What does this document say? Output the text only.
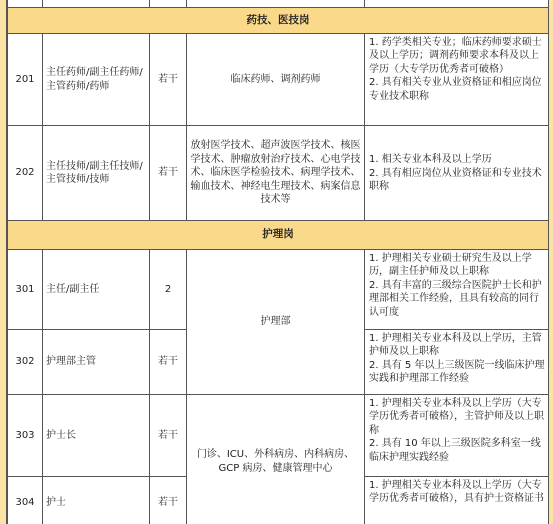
药技、医技岗				
201	主任药师/副主任药师/主管药师/药师	若干	临床药师、调剂药师	1. 药学类相关专业；临床药师要求硕士及以上学历；调剂药师要求本科及以上学历（大专学历优秀者可破格）

2. 具有相关专业从业资格证和相应岗位专业技术职称

202	主任技师/副主任技师/主管技师/技师	若干	放射医学技术、超声波医学技术、核医学技术、肿瘤放射治疗技术、心电学技术、临床医学检验技术、病理学技术、输血技术、神经电生理技术、病案信息技术等	1. 相关专业本科及以上学历

2. 具有相应岗位从业资格证和专业技术职称

护理岗				
301	主任/副主任	2	护理部	1. 护理相关专业硕士研究生及以上学历，副主任护师及以上职称

2. 具有丰富的三级综合医院护士长和护理部相关工作经验，且具有较高的同行认可度

302	护理部主管	若干		1. 护理相关专业本科及以上学历，主管护师及以上职称

2. 具有 5 年以上三级医院一线临床护理实践和护理部工作经验

303	护士长	若干	门诊、ICU、外科病房、内科病房、GCP 病房、健康管理中心	1. 护理相关专业本科及以上学历（大专学历优秀者可破格），主管护师及以上职称

2. 具有 10 年以上三级医院多科室一线临床护理实践经验

304	护士	若干		1. 护理相关专业本科及以上学历（大专学历优秀者可破格），具有护士资格证书
